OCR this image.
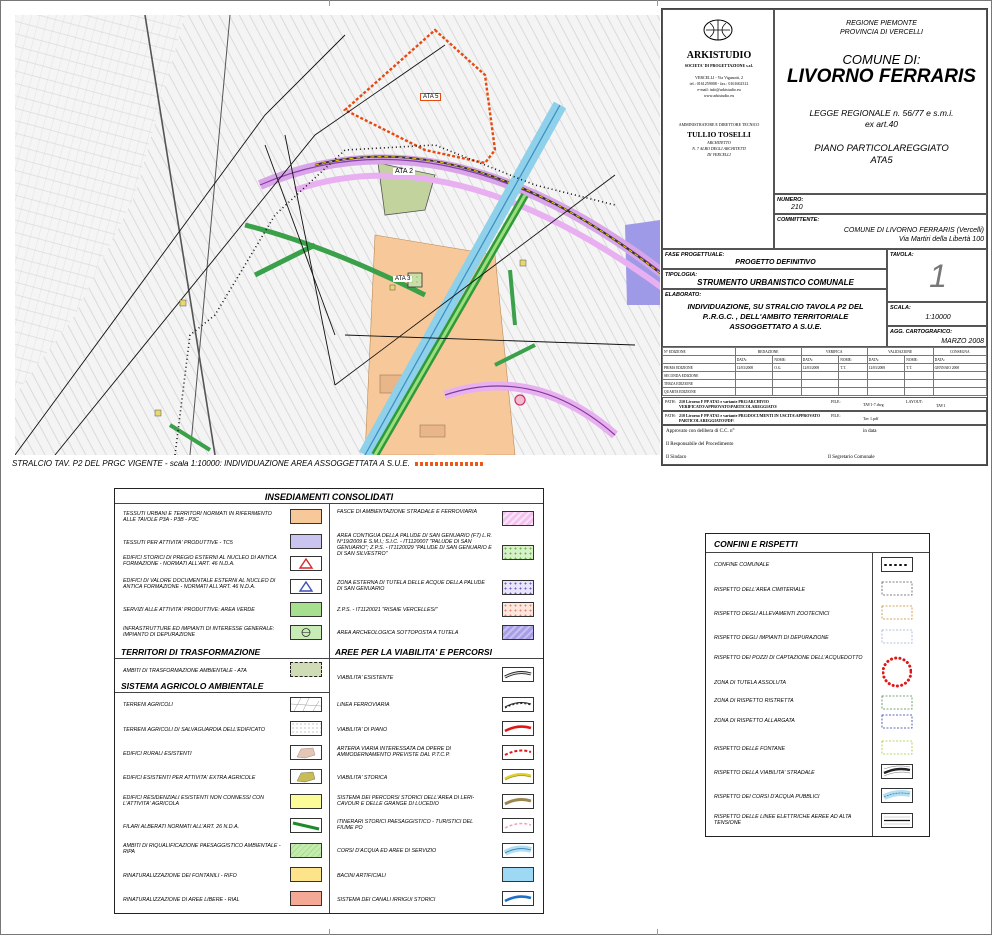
ATA 5
ATA 2
ATA 3
STRALCIO TAV. P2 DEL PRGC VIGENTE - scala 1:10000: INDIVIDUAZIONE AREA ASSOGGETTATA A S.U.E.
ARKISTUDIO
SOCIETA' DI PROGETTAZIONE s.r.l.
VERCELLI - Via Viganotti, 2
tel.: 0161259008 - fax.: 0161602312
e-mail: info@arkistudio.eu
www.arkistudio.eu
AMMINISTRATORE E DIRETTORE TECNICO
TULLIO TOSELLI
ARCHITETTO
N. 7 ALBO DEGLI ARCHITETTI
DI VERCELLI
REGIONE PIEMONTE
PROVINCIA DI VERCELLI
COMUNE DI:
LIVORNO FERRARIS
LEGGE REGIONALE n. 56/77 e s.m.i.
ex art.40
PIANO PARTICOLAREGGIATO
ATA5
NUMERO:
210
COMMITTENTE:
COMUNE DI LIVORNO FERRARIS (Vercelli)
Via Martiri della Libertà 100
FASE PROGETTUALE:
PROGETTO DEFINITIVO
TIPOLOGIA:
STRUMENTO URBANISTICO COMUNALE
ELABORATO:
INDIVIDUAZIONE, SU STRALCIO TAVOLA P2 DEL
P..R.G.C. , DELL'AMBITO TERRITORIALE
ASSOGGETTATO A S.U.E.
TAVOLA:
1
SCALA:
1:10000
AGG. CARTOGRAFICO:
MARZO 2008
N° EDIZIONE	REDAZIONE		VERIFICA		VALIDAZIONE		CONSEGNA
	DATA:	NOME:	DATA:	NOME:	DATA:	NOME:	DATA:
PRIMA EDIZIONE	12/03/2008	O.G.	12/03/2008	T.T.	12/03/2008	T.T.	GENNAIO 2008
SECONDA EDIZIONE							
TERZA EDIZIONE							
QUARTA EDIZIONE							
PATH: 210 Livorno F PP ATA5 e variante PRG\ARCHIVIO VERIFICATO\APPROVATO\PARTICOLAREGGIATO\
FILE:
TAV1-7.dwg
LAYOUT:
TAV1
PATH: 210 Livorno F PP ATA5 e variante PRG\DOCUMENTI IN USCITA\APPROVATO PARTICOLAREGGIATO\PDF\
FILE:
Tav 1.pdf
Approvato con delibera di C.C. n°	in data
Il Responsabile del Procedimento
Il Sindaco	Il Segretario Comunale
INSEDIAMENTI CONSOLIDATI
TESSUTI URBANI E TERRITORI NORMATI IN RIFERIMENTO ALLE TAVOLE P3A - P3B - P3C
TESSUTI PER ATTIVITA' PRODUTTIVE - TC5
EDIFICI STORICI DI PREGIO ESTERNI AL NUCLEO DI ANTICA FORMAZIONE - NORMATI ALL'ART. 46 N.D.A.
EDIFICI DI VALORE DOCUMENTALE ESTERNI AL NUCLEO DI ANTICA FORMAZIONE - NORMATI ALL'ART. 46 N.D.A.
SERVIZI ALLE ATTIVITA' PRODUTTIVE: AREA VERDE
INFRASTRUTTURE ED IMPIANTI DI INTERESSE GENERALE: IMPIANTO DI DEPURAZIONE
TERRITORI DI TRASFORMAZIONE	AREE PER LA VIABILITA' E PERCORSI
AMBITI DI TRASFORMAZIONE AMBIENTALE - ATA
SISTEMA AGRICOLO AMBIENTALE
FASCE DI AMBIENTAZIONE STRADALE E FERROVIARIA
AREA CONTIGUA DELLA PALUDE DI SAN GENUARIO (F7) L.R. N°19/2009 E S.M.I.; S.I.C. - IT1120007 "PALUDE DI SAN GENUARIO"; Z.P.S. - IT1120029 "PALUDE DI SAN GENUARIO E DI SAN SILVESTRO"
ZONA ESTERNA DI TUTELA DELLE ACQUE DELLA PALUDE DI SAN GENUARIO
Z.P.S. - IT1120021 "RISAIE VERCELLESI"
AREA ARCHEOLOGICA SOTTOPOSTA A TUTELA
TERRENI AGRICOLI
TERRENI AGRICOLI DI SALVAGUARDIA DELL'EDIFICATO
EDIFICI RURALI ESISTENTI
EDIFICI ESISTENTI PER ATTIVITA' EXTRA AGRICOLE
EDIFICI RESIDENZIALI ESISTENTI NON CONNESSI CON L'ATTIVITA' AGRICOLA
FILARI ALBERATI NORMATI ALL'ART. 26 N.D.A.
AMBITI DI RIQUALIFICAZIONE PAESAGGISTICO AMBIENTALE - RIPA
RINATURALIZZAZIONE DEI FONTANILI - RIFO
RINATURALIZZAZIONE DI AREE LIBERE - RIAL
VIABILITA' ESISTENTE
LINEA FERROVIARIA
VIABILITA' DI PIANO
ARTERIA VIARIA INTERESSATA DA OPERE DI AMMODERNAMENTO PREVISTE DAL P.T.C.P.
VIABILITA' STORICA
SISTEMA DEI PERCORSI STORICI DELL'AREA DI LERI-CAVOUR E DELLE GRANGE DI LUCEDIO
ITINERARI STORICI PAESAGGISTICO - TURISTICI DEL FIUME PO
CORSI D'ACQUA ED AREE DI SERVIZIO
BACINI ARTIFICIALI
SISTEMA DEI CANALI IRRIGUI STORICI
CONFINI E RISPETTI
CONFINE COMUNALE
RISPETTO DELL'AREA CIMITERIALE
RISPETTO DEGLI ALLEVAMENTI ZOOTECNICI
RISPETTO DEGLI IMPIANTI DI DEPURAZIONE
RISPETTO DEI POZZI DI CAPTAZIONE DELL'ACQUEDOTTO
ZONA DI TUTELA ASSOLUTA
ZONA DI RISPETTO RISTRETTA
ZONA DI RISPETTO ALLARGATA
RISPETTO DELLE FONTANE
RISPETTO DELLA VIABILITA' STRADALE
RISPETTO DEI CORSI D'ACQUA PUBBLICI
RISPETTO DELLE LINEE ELETTRICHE AEREE AD ALTA TENSIONE
